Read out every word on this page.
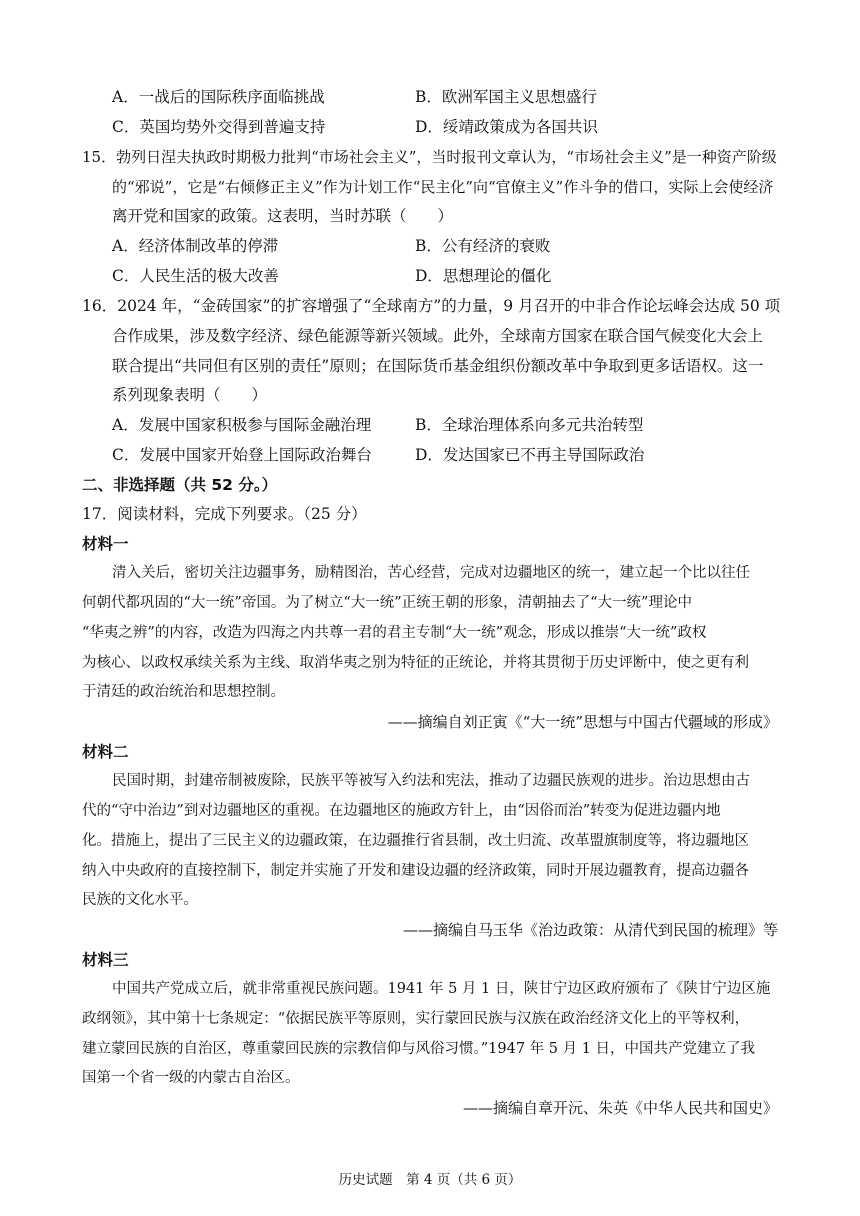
A．一战后的国际秩序面临挑战	B．欧洲军国主义思想盛行
C．英国均势外交得到普遍支持	D．绥靖政策成为各国共识
15．勃列日涅夫执政时期极力批判“市场社会主义”，当时报刊文章认为，“市场社会主义”是一种资产阶级
的“邪说”，它是“右倾修正主义”作为计划工作“民主化”向“官僚主义”作斗争的借口，实际上会使经济
离开党和国家的政策。这表明，当时苏联（　　）
A．经济体制改革的停滞	B．公有经济的衰败
C．人民生活的极大改善	D．思想理论的僵化
16．2024 年，“金砖国家”的扩容增强了“全球南方”的力量，9 月召开的中非合作论坛峰会达成 50 项
合作成果，涉及数字经济、绿色能源等新兴领域。此外，全球南方国家在联合国气候变化大会上
联合提出“共同但有区别的责任”原则；在国际货币基金组织份额改革中争取到更多话语权。这一
系列现象表明（　　）
A．发展中国家积极参与国际金融治理	B．全球治理体系向多元共治转型
C．发展中国家开始登上国际政治舞台	D．发达国家已不再主导国际政治
二、非选择题（共 52 分。）
17．阅读材料，完成下列要求。（25 分）
材料一
清入关后，密切关注边疆事务，励精图治，苦心经营，完成对边疆地区的统一，建立起一个比以往任
何朝代都巩固的“大一统”帝国。为了树立“大一统”正统王朝的形象，清朝抽去了“大一统”理论中
“华夷之辨”的内容，改造为四海之内共尊一君的君主专制“大一统”观念，形成以推崇“大一统”政权
为核心、以政权承续关系为主线、取消华夷之别为特征的正统论，并将其贯彻于历史评断中，使之更有利
于清廷的政治统治和思想控制。
——摘编自刘正寅《“大一统”思想与中国古代疆域的形成》
材料二
民国时期，封建帝制被废除，民族平等被写入约法和宪法，推动了边疆民族观的进步。治边思想由古
代的“守中治边”到对边疆地区的重视。在边疆地区的施政方针上，由“因俗而治”转变为促进边疆内地
化。措施上，提出了三民主义的边疆政策，在边疆推行省县制，改土归流、改革盟旗制度等，将边疆地区
纳入中央政府的直接控制下，制定并实施了开发和建设边疆的经济政策，同时开展边疆教育，提高边疆各
民族的文化水平。
——摘编自马玉华《治边政策：从清代到民国的梳理》等
材料三
中国共产党成立后，就非常重视民族问题。1941 年 5 月 1 日，陕甘宁边区政府颁布了《陕甘宁边区施
政纲领》，其中第十七条规定：“依据民族平等原则，实行蒙回民族与汉族在政治经济文化上的平等权利，
建立蒙回民族的自治区，尊重蒙回民族的宗教信仰与风俗习惯。”1947 年 5 月 1 日，中国共产党建立了我
国第一个省一级的内蒙古自治区。
——摘编自章开沅、朱英《中华人民共和国史》
历史试题　第 4 页（共 6 页）
